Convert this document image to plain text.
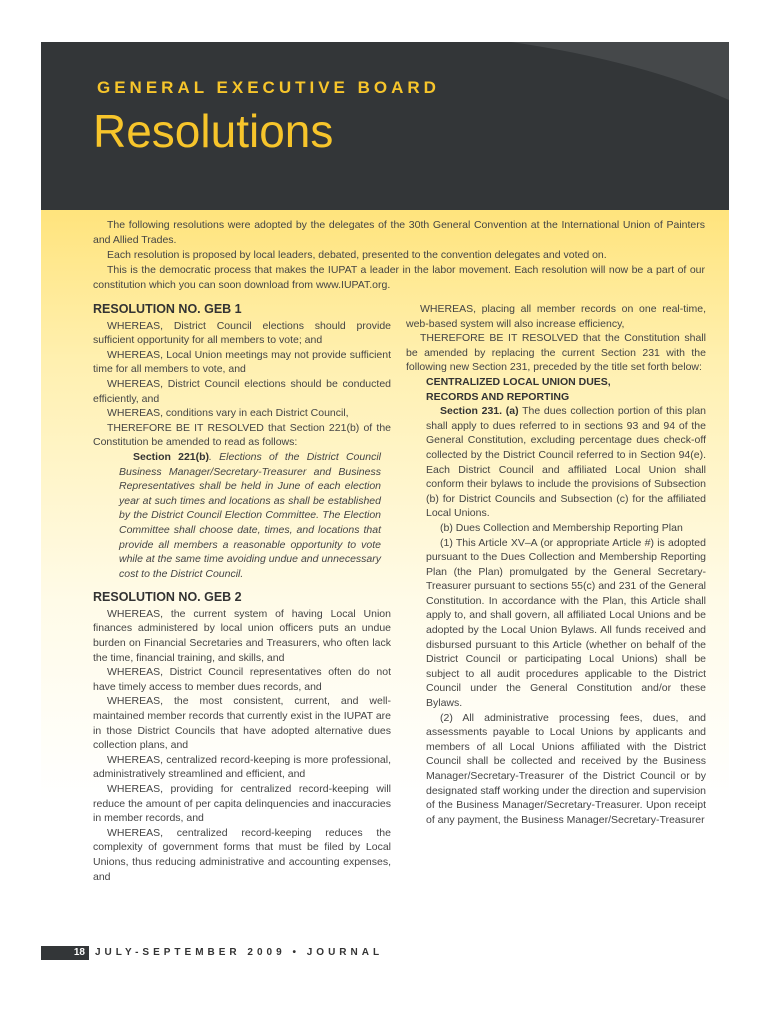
GENERAL EXECUTIVE BOARD
Resolutions

The following resolutions were adopted by the delegates of the 30th General Convention at the International Union of Painters and Allied Trades.

Each resolution is proposed by local leaders, debated, presented to the convention delegates and voted on.

This is the democratic process that makes the IUPAT a leader in the labor movement. Each resolution will now be a part of our constitution which you can soon download from www.IUPAT.org.

RESOLUTION NO. GEB 1

WHEREAS, District Council elections should provide sufficient opportunity for all members to vote; and

WHEREAS, Local Union meetings may not provide sufficient time for all members to vote, and

WHEREAS, District Council elections should be conducted efficiently, and

WHEREAS, conditions vary in each District Council,

THEREFORE BE IT RESOLVED that Section 221(b) of the Constitution be amended to read as follows:

Section 221(b). Elections of the District Council Business Manager/Secretary-Treasurer and Business Representatives shall be held in June of each election year at such times and locations as shall be established by the District Council Election Committee. The Election Committee shall choose date, times, and locations that provide all members a reasonable opportunity to vote while at the same time avoiding undue and unnecessary cost to the District Council.

RESOLUTION NO. GEB 2

WHEREAS, the current system of having Local Union finances administered by local union officers puts an undue burden on Financial Secretaries and Treasurers, who often lack the time, financial training, and skills, and

WHEREAS, District Council representatives often do not have timely access to member dues records, and

WHEREAS, the most consistent, current, and well-maintained member records that currently exist in the IUPAT are in those District Councils that have adopted alternative dues collection plans, and

WHEREAS, centralized record-keeping is more professional, administratively streamlined and efficient, and

WHEREAS, providing for centralized record-keeping will reduce the amount of per capita delinquencies and inaccuracies in member records, and

WHEREAS, centralized record-keeping reduces the complexity of government forms that must be filed by Local Unions, thus reducing administrative and accounting expenses, and

WHEREAS, placing all member records on one real-time, web-based system will also increase efficiency,

THEREFORE BE IT RESOLVED that the Constitution shall be amended by replacing the current Section 231 with the following new Section 231, preceded by the title set forth below:

CENTRALIZED LOCAL UNION DUES,
RECORDS AND REPORTING

Section 231. (a) The dues collection portion of this plan shall apply to dues referred to in sections 93 and 94 of the General Constitution, excluding percentage dues check-off collected by the District Council referred to in Section 94(e). Each District Council and affiliated Local Union shall conform their bylaws to include the provisions of Subsection (b) for District Councils and Subsection (c) for the affiliated Local Unions.

(b) Dues Collection and Membership Reporting Plan

(1) This Article XV–A (or appropriate Article #) is adopted pursuant to the Dues Collection and Membership Reporting Plan (the Plan) promulgated by the General Secretary-Treasurer pursuant to sections 55(c) and 231 of the General Constitution. In accordance with the Plan, this Article shall apply to, and shall govern, all affiliated Local Unions and be adopted by the Local Union Bylaws. All funds received and disbursed pursuant to this Article (whether on behalf of the District Council or participating Local Unions) shall be subject to all audit procedures applicable to the District Council under the General Constitution and/or these Bylaws.

(2) All administrative processing fees, dues, and assessments payable to Local Unions by applicants and members of all Local Unions affiliated with the District Council shall be collected and received by the Business Manager/Secretary-Treasurer of the District Council or by designated staff working under the direction and supervision of the Business Manager/Secretary-Treasurer. Upon receipt of any payment, the Business Manager/Secretary-Treasurer

18 JULY-SEPTEMBER 2009 • JOURNAL
